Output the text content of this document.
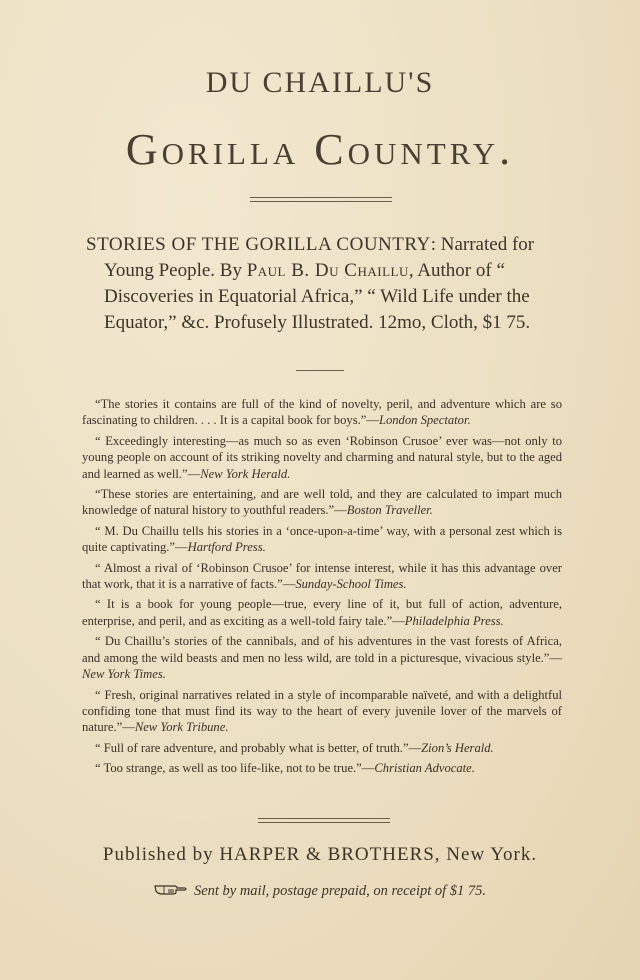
DU CHAILLU'S
Gorilla Country.

STORIES OF THE GORILLA COUNTRY: Narrated for Young People. By Paul B. Du Chaillu, Author of “ Discoveries in Equatorial Africa,” “ Wild Life under the Equator,” &c. Profusely Illustrated. 12mo, Cloth, $1 75.

“The stories it contains are full of the kind of novelty, peril, and adventure which are so fascinating to children. . . . It is a capital book for boys.”—London Spectator.

“ Exceedingly interesting—as much so as even ‘Robinson Crusoe’ ever was—not only to young people on account of its striking novelty and charming and natural style, but to the aged and learned as well.”—New York Herald.

“These stories are entertaining, and are well told, and they are calculated to impart much knowledge of natural history to youthful readers.”—Boston Traveller.

“ M. Du Chaillu tells his stories in a ‘once-upon-a-time’ way, with a personal zest which is quite captivating.”—Hartford Press.

“ Almost a rival of ‘Robinson Crusoe’ for intense interest, while it has this advantage over that work, that it is a narrative of facts.”—Sunday-School Times.

“ It is a book for young people—true, every line of it, but full of action, adventure, enterprise, and peril, and as exciting as a well-told fairy tale.”—Philadelphia Press.

“ Du Chaillu’s stories of the cannibals, and of his adventures in the vast forests of Africa, and among the wild beasts and men no less wild, are told in a picturesque, vivacious style.”—New York Times.

“ Fresh, original narratives related in a style of incomparable naïveté, and with a delightful confiding tone that must find its way to the heart of every juvenile lover of the marvels of nature.”—New York Tribune.

“ Full of rare adventure, and probably what is better, of truth.”—Zion’s Herald.

“ Too strange, as well as too life-like, not to be true.”—Christian Advocate.

Published by HARPER & BROTHERS, New York.
Sent by mail, postage prepaid, on receipt of $1 75.
